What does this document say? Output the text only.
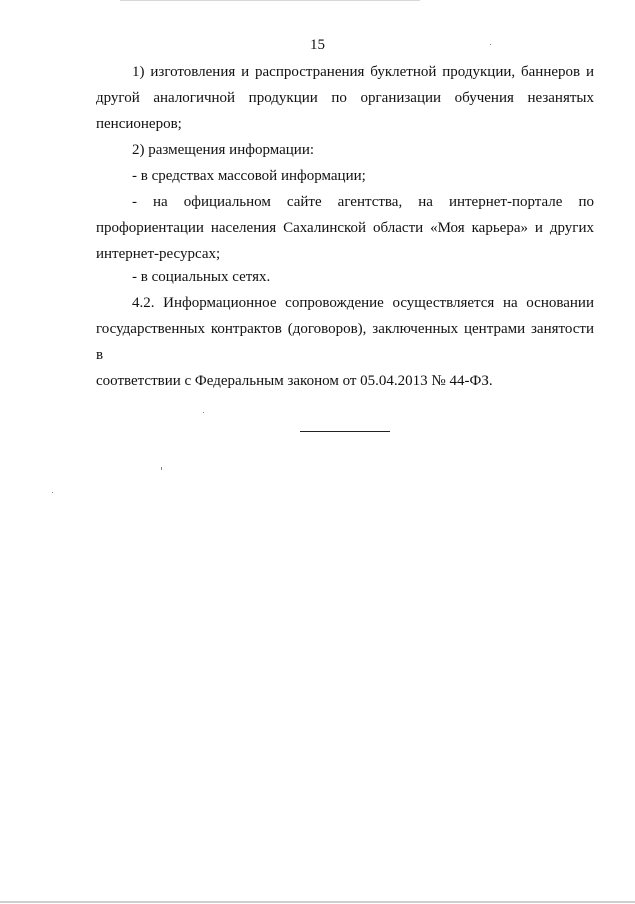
15
1) изготовления и распространения буклетной продукции, баннеров и
другой аналогичной продукции по организации обучения незанятых
пенсионеров;
2) размещения информации:
- в средствах массовой информации;
- на официальном сайте агентства, на интернет-портале по
профориентации населения Сахалинской области «Моя карьера» и других
интернет-ресурсах;
- в социальных сетях.
4.2. Информационное сопровождение осуществляется на основании
государственных контрактов (договоров), заключенных центрами занятости в
соответствии с Федеральным законом от 05.04.2013 № 44-ФЗ.
